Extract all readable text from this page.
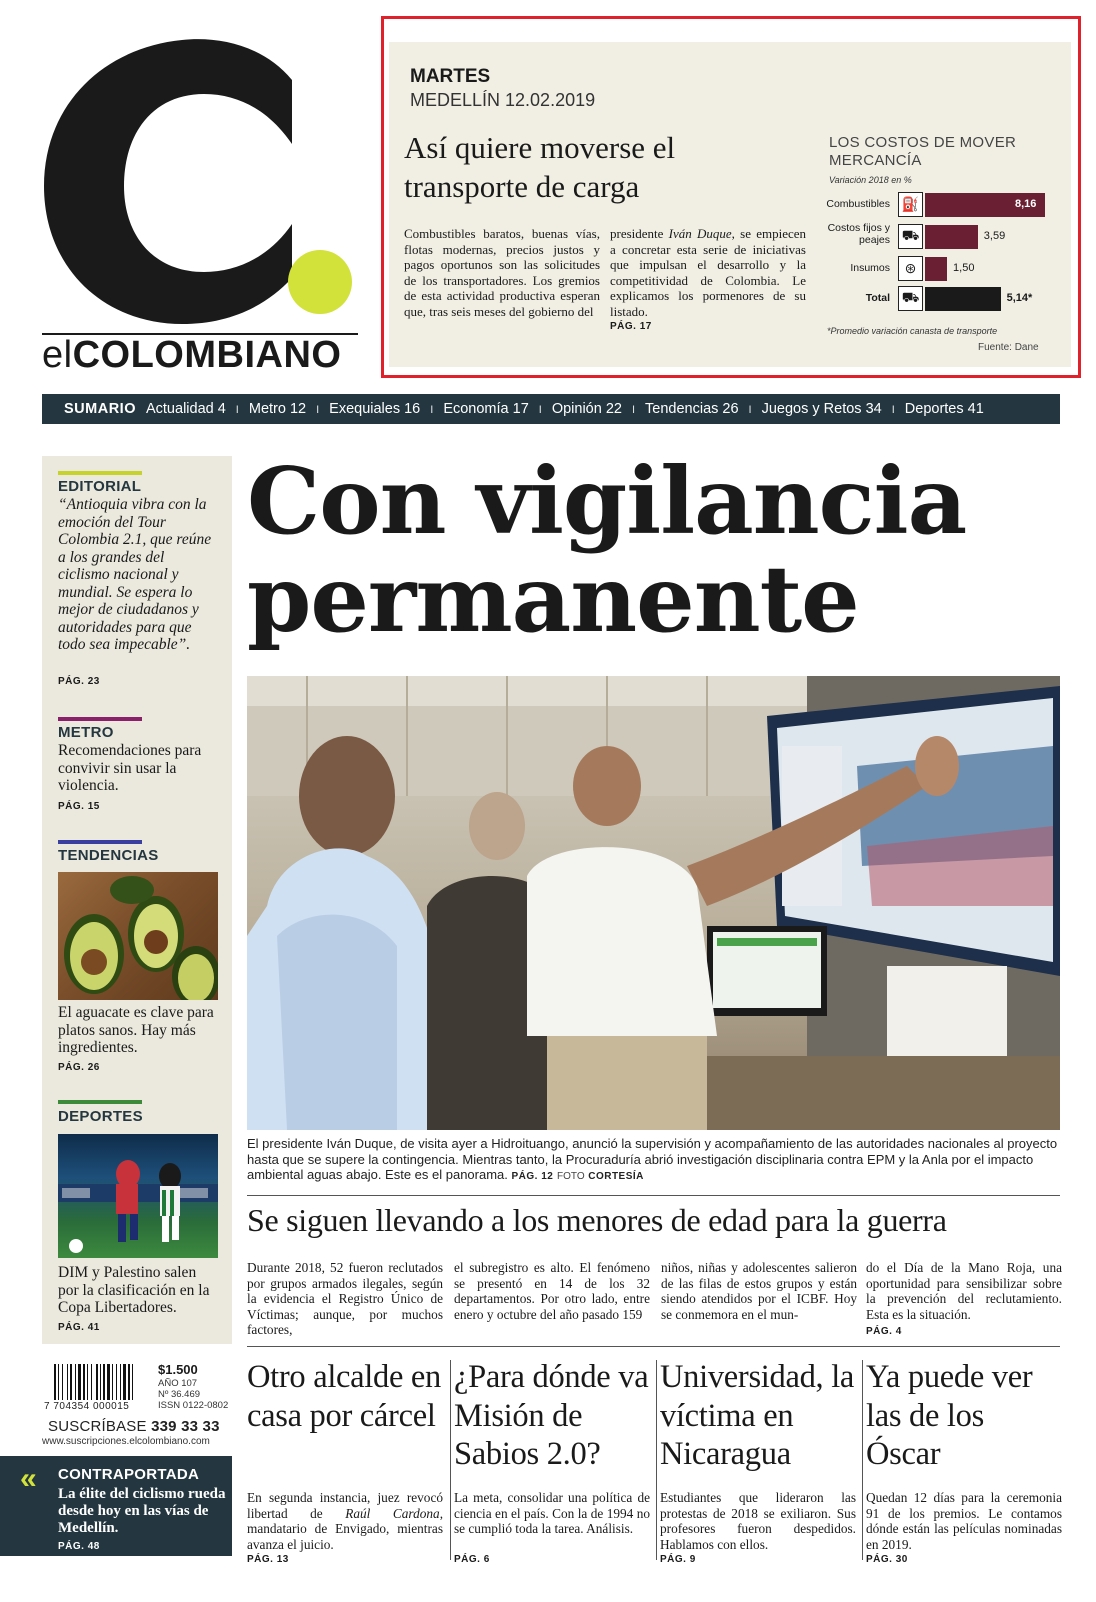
elCOLOMBIANO
MARTES
MEDELLÍN 12.02.2019
Así quiere moverse el transporte de carga
Combustibles baratos, buenas vías, flotas modernas, precios justos y pagos oportunos son las solicitudes de los transportadores. Los gremios de esta actividad productiva esperan que, tras seis meses del gobierno del
presidente Iván Duque, se empiecen a concretar esta serie de iniciativas que impulsan el desarrollo y la competitividad de Colombia. Le explicamos los pormenores de su listado.
PÁG. 17
LOS COSTOS DE MOVER MERCANCÍA
Variación 2018 en %
Combustibles ⛽	8,16
Costos fijos y peajes ⛟	3,59
Insumos	⊛	1,50
Total ⛟	5,14*
*Promedio variación canasta de transporte
Fuente: Dane
SUMARIO Actualidad 4 I Metro 12 I Exequiales 16 I Economía 17 I Opinión 22 I Tendencias 26 I Juegos y Retos 34 I Deportes 41
EDITORIAL
“Antioquia vibra con la emoción del Tour Colombia 2.1, que reúne a los grandes del ciclismo nacional y mundial. Se espera lo mejor de ciudadanos y autoridades para que todo sea impecable”.
PÁG. 23
METRO
Recomendaciones para convivir sin usar la violencia.
PÁG. 15
TENDENCIAS
El aguacate es clave para platos sanos. Hay más ingredientes.
PÁG. 26
DEPORTES
DIM y Palestino salen por la clasificación en la Copa Libertadores.
PÁG. 41
7 704354 000015
$1.500
AÑO 107
Nº 36.469
ISSN 0122-0802
SUSCRÍBASE 339 33 33
www.suscripciones.elcolombiano.com
« CONTRAPORTADA
La élite del ciclismo rueda desde hoy en las vías de Medellín.
PÁG. 48
Con vigilancia permanente
El presidente Iván Duque, de visita ayer a Hidroituango, anunció la supervisión y acompañamiento de las autoridades nacionales al proyecto hasta que se supere la contingencia. Mientras tanto, la Procuraduría abrió investigación disciplinaria contra EPM y la Anla por el impacto ambiental aguas abajo. Este es el panorama. PÁG. 12 FOTO CORTESÍA
Se siguen llevando a los menores de edad para la guerra
Durante 2018, 52 fueron reclutados por grupos armados ilegales, según la evidencia el Registro Único de Víctimas; aunque, por muchos factores,
el subregistro es alto. El fenómeno se presentó en 14 de los 32 departamentos. Por otro lado, entre enero y octubre del año pasado 159
niños, niñas y adolescentes salieron de las filas de estos grupos y están siendo atendidos por el ICBF. Hoy se conmemora en el mun-
do el Día de la Mano Roja, una oportunidad para sensibilizar sobre la prevención del reclutamiento. Esta es la situación.
PÁG. 4
Otro alcalde en casa por cárcel
En segunda instancia, juez revocó libertad de Raúl Cardona, mandatario de Envigado, mientras avanza el juicio.
PÁG. 13
¿Para dónde va Misión de Sabios 2.0?
La meta, consolidar una política de ciencia en el país. Con la de 1994 no se cumplió toda la tarea. Análisis.
PÁG. 6
Universidad, la víctima en Nicaragua
Estudiantes que lideraron las protestas de 2018 se exiliaron. Sus profesores fueron despedidos. Hablamos con ellos.
PÁG. 9
Ya puede ver las de los Óscar
Quedan 12 días para la ceremonia 91 de los premios. Le contamos dónde están las películas nominadas en 2019.
PÁG. 30
